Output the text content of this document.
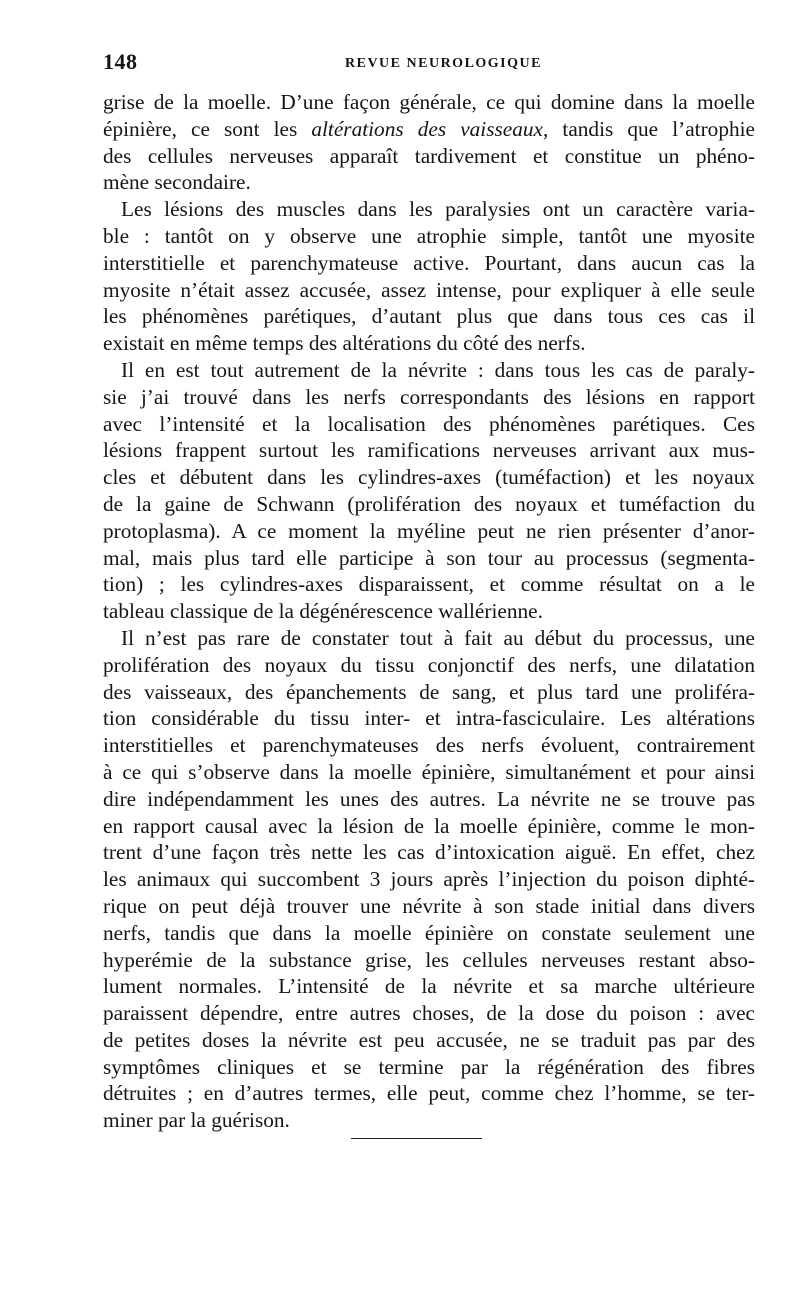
148	REVUE NEUROLOGIQUE
grise de la moelle. D’une façon générale, ce qui domine dans la moelle
épinière, ce sont les altérations des vaisseaux, tandis que l’atrophie
des cellules nerveuses apparaît tardivement et constitue un phéno-
mène secondaire.
Les lésions des muscles dans les paralysies ont un caractère varia-
ble : tantôt on y observe une atrophie simple, tantôt une myosite
interstitielle et parenchymateuse active. Pourtant, dans aucun cas la
myosite n’était assez accusée, assez intense, pour expliquer à elle seule
les phénomènes parétiques, d’autant plus que dans tous ces cas il
existait en même temps des altérations du côté des nerfs.
Il en est tout autrement de la névrite : dans tous les cas de paraly-
sie j’ai trouvé dans les nerfs correspondants des lésions en rapport
avec l’intensité et la localisation des phénomènes parétiques. Ces
lésions frappent surtout les ramifications nerveuses arrivant aux mus-
cles et débutent dans les cylindres-axes (tuméfaction) et les noyaux
de la gaine de Schwann (prolifération des noyaux et tuméfaction du
protoplasma). A ce moment la myéline peut ne rien présenter d’anor-
mal, mais plus tard elle participe à son tour au processus (segmenta-
tion) ; les cylindres-axes disparaissent, et comme résultat on a le
tableau classique de la dégénérescence wallérienne.
Il n’est pas rare de constater tout à fait au début du processus, une
prolifération des noyaux du tissu conjonctif des nerfs, une dilatation
des vaisseaux, des épanchements de sang, et plus tard une proliféra-
tion considérable du tissu inter- et intra-fasciculaire. Les altérations
interstitielles et parenchymateuses des nerfs évoluent, contrairement
à ce qui s’observe dans la moelle épinière, simultanément et pour ainsi
dire indépendamment les unes des autres. La névrite ne se trouve pas
en rapport causal avec la lésion de la moelle épinière, comme le mon-
trent d’une façon très nette les cas d’intoxication aiguë. En effet, chez
les animaux qui succombent 3 jours après l’injection du poison diphté-
rique on peut déjà trouver une névrite à son stade initial dans divers
nerfs, tandis que dans la moelle épinière on constate seulement une
hyperémie de la substance grise, les cellules nerveuses restant abso-
lument normales. L’intensité de la névrite et sa marche ultérieure
paraissent dépendre, entre autres choses, de la dose du poison : avec
de petites doses la névrite est peu accusée, ne se traduit pas par des
symptômes cliniques et se termine par la régénération des fibres
détruites ; en d’autres termes, elle peut, comme chez l’homme, se ter-
miner par la guérison.
